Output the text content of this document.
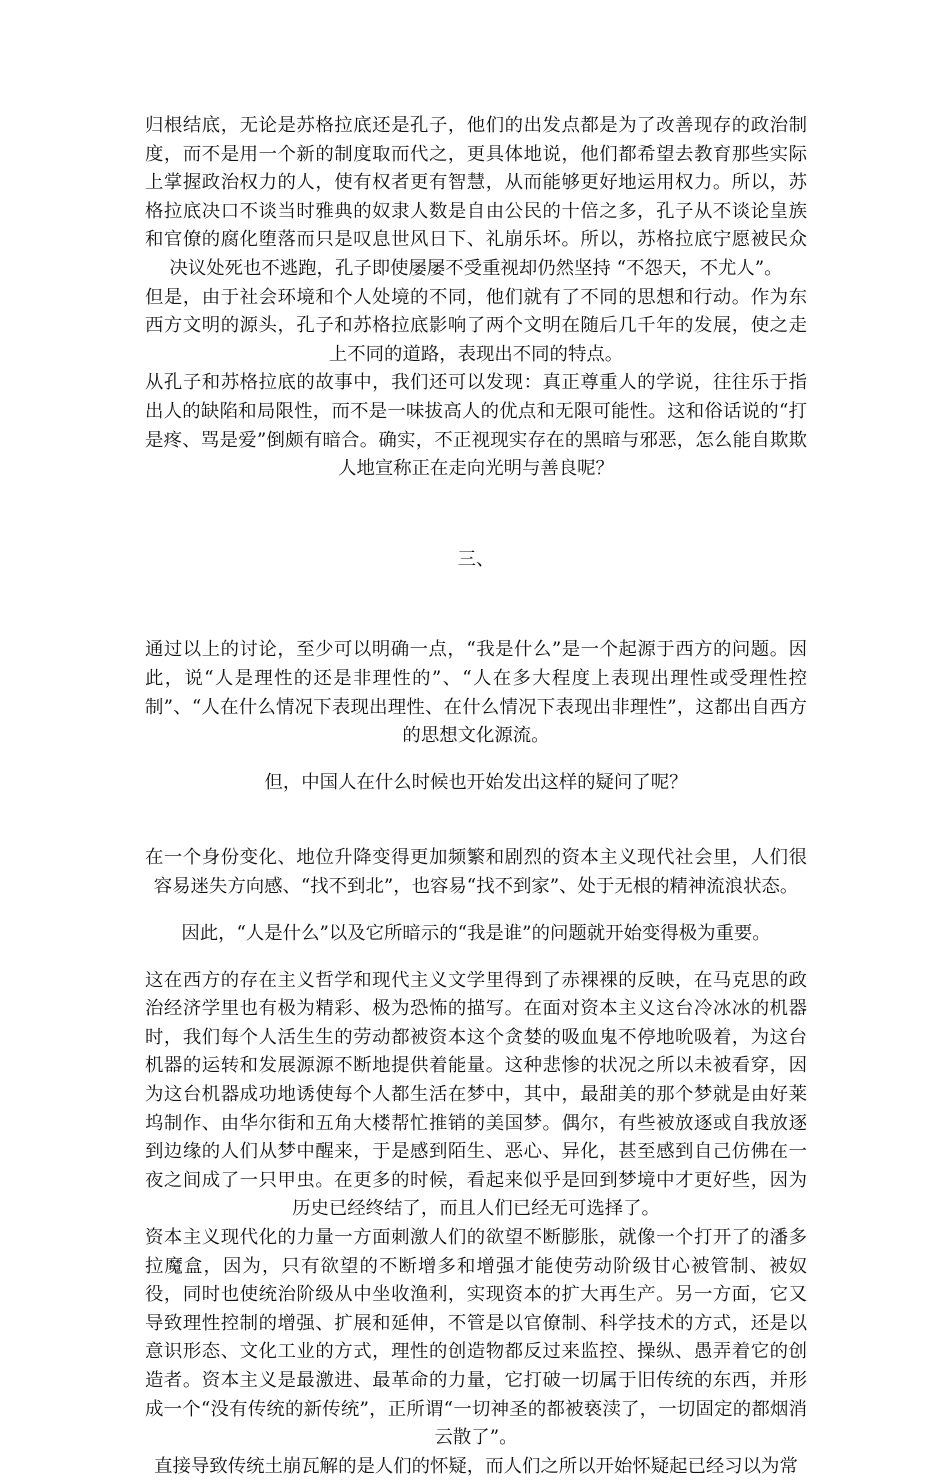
归根结底，无论是苏格拉底还是孔子，他们的出发点都是为了改善现存的政治制度，而不是用一个新的制度取而代之，更具体地说，他们都希望去教育那些实际上掌握政治权力的人，使有权者更有智慧，从而能够更好地运用权力。所以，苏格拉底决口不谈当时雅典的奴隶人数是自由公民的十倍之多，孔子从不谈论皇族和官僚的腐化堕落而只是叹息世风日下、礼崩乐坏。所以，苏格拉底宁愿被民众决议处死也不逃跑，孔子即使屡屡不受重视却仍然坚持 “不怨天，不尤人”。

但是，由于社会环境和个人处境的不同，他们就有了不同的思想和行动。作为东西方文明的源头，孔子和苏格拉底影响了两个文明在随后几千年的发展，使之走上不同的道路，表现出不同的特点。

从孔子和苏格拉底的故事中，我们还可以发现：真正尊重人的学说，往往乐于指出人的缺陷和局限性，而不是一味拔高人的优点和无限可能性。这和俗话说的“打是疼、骂是爱”倒颇有暗合。确实，不正视现实存在的黑暗与邪恶，怎么能自欺欺人地宣称正在走向光明与善良呢？

三、

通过以上的讨论，至少可以明确一点，“我是什么”是一个起源于西方的问题。因此，说“人是理性的还是非理性的”、“人在多大程度上表现出理性或受理性控制”、“人在什么情况下表现出理性、在什么情况下表现出非理性”，这都出自西方的思想文化源流。

但，中国人在什么时候也开始发出这样的疑问了呢？

在一个身份变化、地位升降变得更加频繁和剧烈的资本主义现代社会里，人们很容易迷失方向感、“找不到北”，也容易“找不到家”、处于无根的精神流浪状态。

因此，“人是什么”以及它所暗示的“我是谁”的问题就开始变得极为重要。

这在西方的存在主义哲学和现代主义文学里得到了赤裸裸的反映，在马克思的政治经济学里也有极为精彩、极为恐怖的描写。在面对资本主义这台冷冰冰的机器时，我们每个人活生生的劳动都被资本这个贪婪的吸血鬼不停地吮吸着，为这台机器的运转和发展源源不断地提供着能量。这种悲惨的状况之所以未被看穿，因为这台机器成功地诱使每个人都生活在梦中，其中，最甜美的那个梦就是由好莱坞制作、由华尔街和五角大楼帮忙推销的美国梦。偶尔，有些被放逐或自我放逐到边缘的人们从梦中醒来，于是感到陌生、恶心、异化，甚至感到自己仿佛在一夜之间成了一只甲虫。在更多的时候，看起来似乎是回到梦境中才更好些，因为历史已经终结了，而且人们已经无可选择了。

资本主义现代化的力量一方面刺激人们的欲望不断膨胀，就像一个打开了的潘多拉魔盒，因为，只有欲望的不断增多和增强才能使劳动阶级甘心被管制、被奴役，同时也使统治阶级从中坐收渔利，实现资本的扩大再生产。另一方面，它又导致理性控制的增强、扩展和延伸，不管是以官僚制、科学技术的方式，还是以意识形态、文化工业的方式，理性的创造物都反过来监控、操纵、愚弄着它的创造者。资本主义是最激进、最革命的力量，它打破一切属于旧传统的东西，并形成一个“没有传统的新传统”，正所谓“一切神圣的都被亵渎了，一切固定的都烟消云散了”。

直接导致传统土崩瓦解的是人们的怀疑，而人们之所以开始怀疑起已经习以为常
